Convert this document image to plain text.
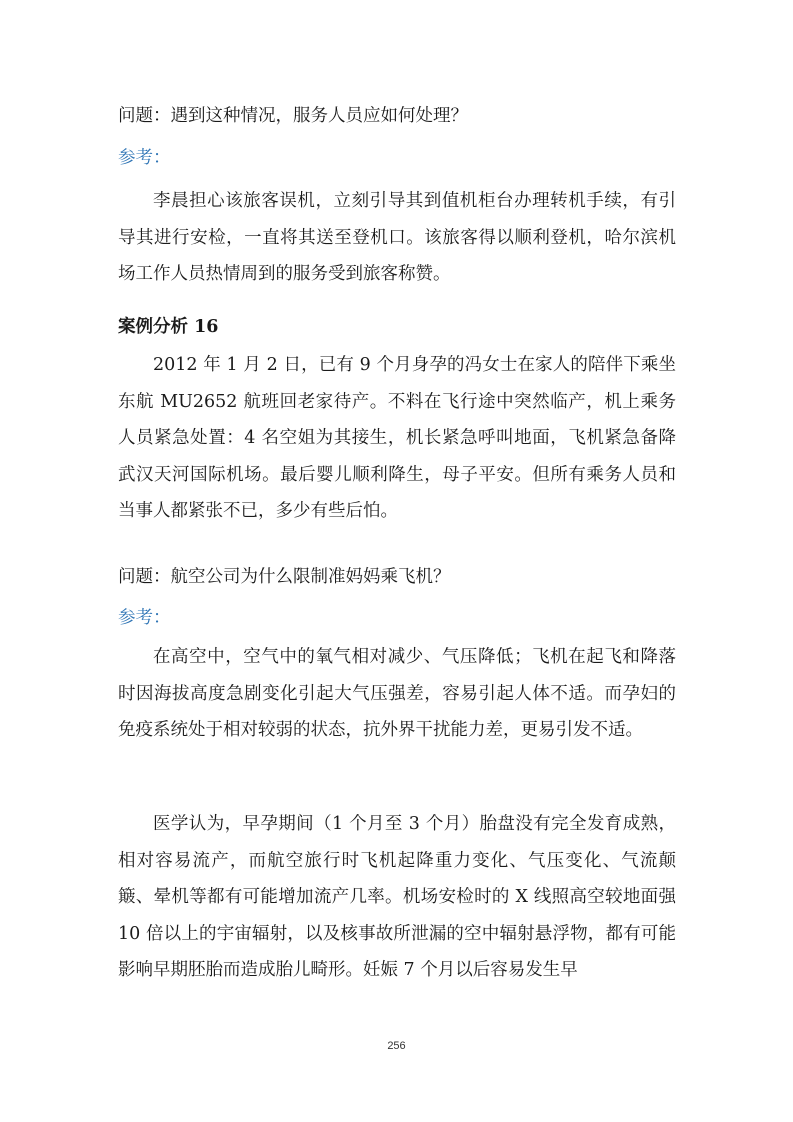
问题：遇到这种情况，服务人员应如何处理？
参考：

李晨担心该旅客误机，立刻引导其到值机柜台办理转机手续，有引导其进行安检，一直将其送至登机口。该旅客得以顺利登机，哈尔滨机场工作人员热情周到的服务受到旅客称赞。

案例分析 16

2012 年 1 月 2 日，已有 9 个月身孕的冯女士在家人的陪伴下乘坐东航 MU2652 航班回老家待产。不料在飞行途中突然临产，机上乘务人员紧急处置：4 名空姐为其接生，机长紧急呼叫地面，飞机紧急备降武汉天河国际机场。最后婴儿顺利降生，母子平安。但所有乘务人员和当事人都紧张不已，多少有些后怕。

问题：航空公司为什么限制准妈妈乘飞机？
参考：

在高空中，空气中的氧气相对减少、气压降低；飞机在起飞和降落时因海拔高度急剧变化引起大气压强差，容易引起人体不适。而孕妇的免疫系统处于相对较弱的状态，抗外界干扰能力差，更易引发不适。

医学认为，早孕期间（1 个月至 3 个月）胎盘没有完全发育成熟，相对容易流产，而航空旅行时飞机起降重力变化、气压变化、气流颠簸、晕机等都有可能增加流产几率。机场安检时的 X 线照高空较地面强 10 倍以上的宇宙辐射，以及核事故所泄漏的空中辐射悬浮物，都有可能影响早期胚胎而造成胎儿畸形。妊娠 7 个月以后容易发生早

256
